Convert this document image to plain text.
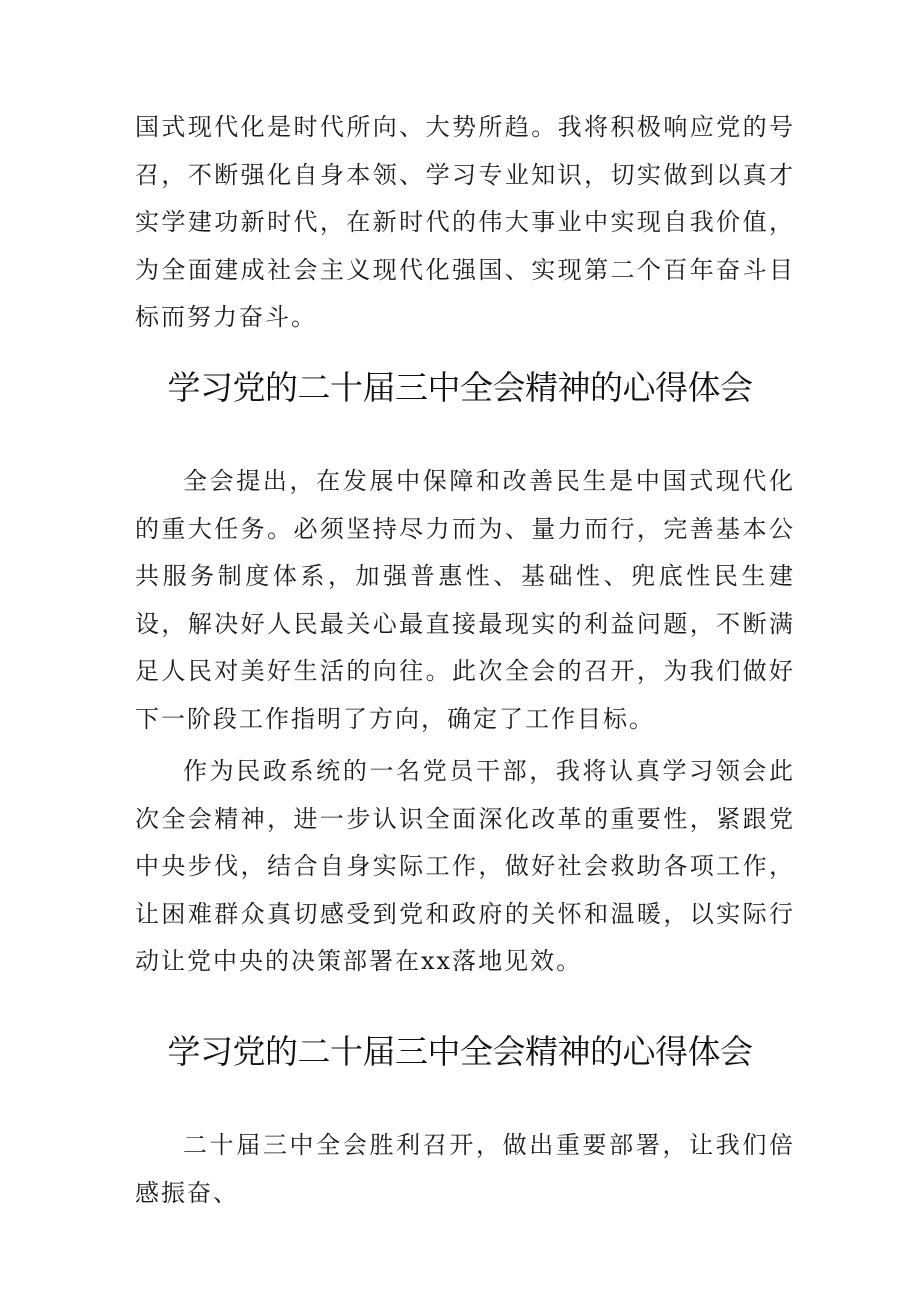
国式现代化是时代所向、大势所趋。我将积极响应党的号召，不断强化自身本领、学习专业知识，切实做到以真才实学建功新时代，在新时代的伟大事业中实现自我价值，为全面建成社会主义现代化强国、实现第二个百年奋斗目标而努力奋斗。

学习党的二十届三中全会精神的心得体会

全会提出，在发展中保障和改善民生是中国式现代化的重大任务。必须坚持尽力而为、量力而行，完善基本公共服务制度体系，加强普惠性、基础性、兜底性民生建设，解决好人民最关心最直接最现实的利益问题，不断满足人民对美好生活的向往。此次全会的召开，为我们做好下一阶段工作指明了方向，确定了工作目标。

作为民政系统的一名党员干部，我将认真学习领会此次全会精神，进一步认识全面深化改革的重要性，紧跟党中央步伐，结合自身实际工作，做好社会救助各项工作，让困难群众真切感受到党和政府的关怀和温暖，以实际行动让党中央的决策部署在xx落地见效。

学习党的二十届三中全会精神的心得体会

二十届三中全会胜利召开，做出重要部署，让我们倍感振奋、
